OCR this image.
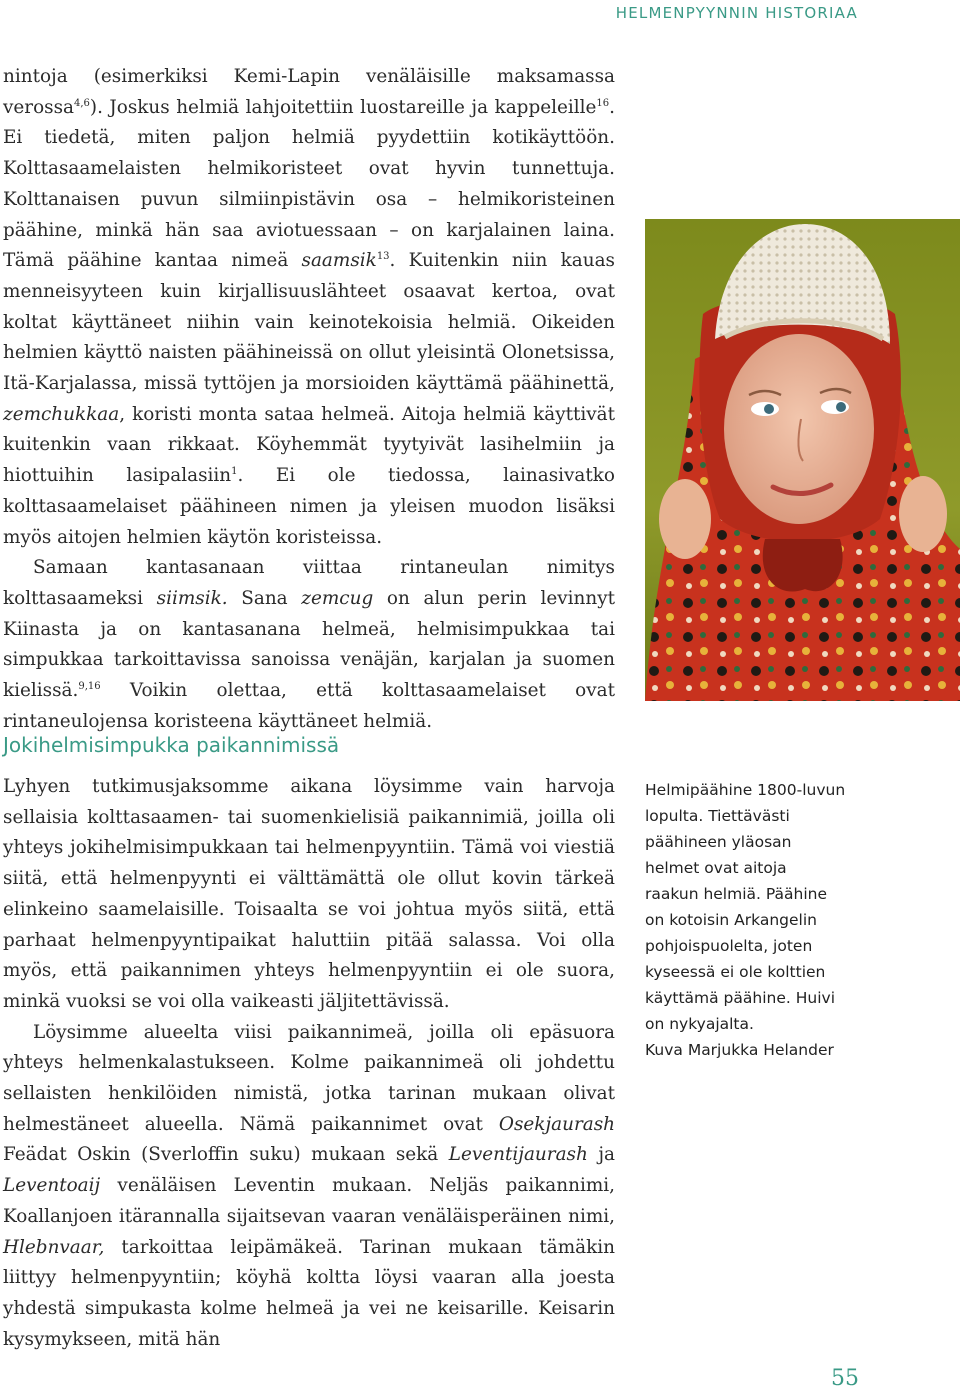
HELMENPYYNNIN HISTORIAA

nintoja (esimerkiksi Kemi-Lapin venäläisille maksamassa verossa$^{4,6}$). Joskus helmiä lahjoitettiin luostareille ja kappeleille$^{16}$. Ei tiedetä, miten paljon helmiä pyydettiin kotikäyttöön. Kolttasaamelaisten helmikoristeet ovat hyvin tunnettuja. Kolttanaisen puvun silmiinpistävin osa – helmikoristeinen päähine, minkä hän saa aviotuessaan – on karjalainen laina. Tämä päähine kantaa nimeä saamsik$^{13}$. Kuitenkin niin kauas menneisyyteen kuin kirjallisuuslähteet osaavat kertoa, ovat koltat käyttäneet niihin vain keinotekoisia helmiä. Oikeiden helmien käyttö naisten päähineissä on ollut yleisintä Olonetsissa, Itä-Karjalassa, missä tyttöjen ja morsioiden käyttämä päähinettä, zemchukkaa, koristi monta sataa helmeä. Aitoja helmiä käyttivät kuitenkin vaan rikkaat. Köyhemmät tyytyivät lasihelmiin ja hiottuihin lasipalasiin$^1$. Ei ole tiedossa, lainasivatko kolttasaamelaiset päähineen nimen ja yleisen muodon lisäksi myös aitojen helmien käytön koristeissa.

Samaan kantasanaan viittaa rintaneulan nimitys kolttasaameksi siimsik. Sana zemcug on alun perin levinnyt Kiinasta ja on kantasanana helmeä, helmisimpukkaa tai simpukkaa tarkoittavissa sanoissa venäjän, karjalan ja suomen kielissä.$^{9,16}$ Voikin olettaa, että kolttasaamelaiset ovat rintaneulojensa koristeena käyttäneet helmiä.

Jokihelmisimpukka paikannimissä

Lyhyen tutkimusjaksomme aikana löysimme vain harvoja sellaisia kolttasaamen- tai suomenkielisiä paikannimiä, joilla oli yhteys jokihelmisimpukkaan tai helmenpyyntiin. Tämä voi viestiä siitä, että helmenpyynti ei välttämättä ole ollut kovin tärkeä elinkeino saamelaisille. Toisaalta se voi johtua myös siitä, että parhaat helmenpyyntipaikat haluttiin pitää salassa. Voi olla myös, että paikannimen yhteys helmenpyyntiin ei ole suora, minkä vuoksi se voi olla vaikeasti jäljitettävissä.

Löysimme alueelta viisi paikannimeä, joilla oli epäsuora yhteys helmenkalastukseen. Kolme paikannimeä oli johdettu sellaisten henkilöiden nimistä, jotka tarinan mukaan olivat helmestäneet alueella. Nämä paikannimet ovat Osekjaurash Feädat Oskin (Sverloffin suku) mukaan sekä Leventijaurash ja Leventoaij venäläisen Leventin mukaan. Neljäs paikannimi, Koallanjoen itärannalla sijaitsevan vaaran venäläisperäinen nimi, Hlebnvaar, tarkoittaa leipämäkeä. Tarinan mukaan tämäkin liittyy helmenpyyntiin; köyhä koltta löysi vaaran alla joesta yhdestä simpukasta kolme helmeä ja vei ne keisarille. Keisarin kysymykseen, mitä hän

Helmipäähine 1800-luvun
lopulta. Tiettävästi
päähineen yläosan
helmet ovat aitoja
raakun helmiä. Päähine
on kotoisin Arkangelin
pohjoispuolelta, joten
kyseessä ei ole kolttien
käyttämä päähine. Huivi
on nykyajalta.
Kuva Marjukka Helander
55
